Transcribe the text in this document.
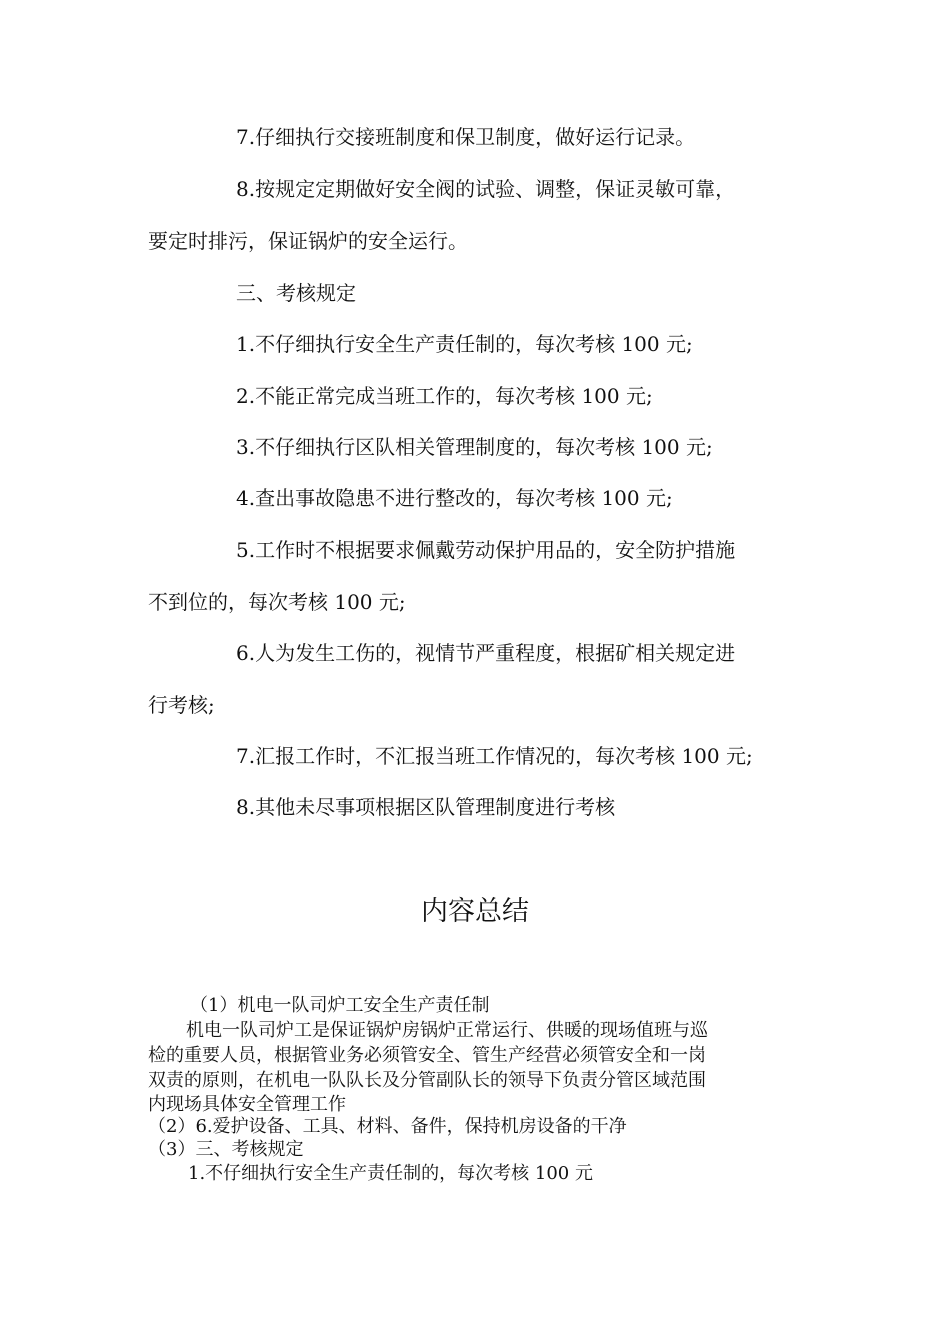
7.仔细执行交接班制度和保卫制度，做好运行记录。

8.按规定定期做好安全阀的试验、调整，保证灵敏可靠，

要定时排污，保证锅炉的安全运行。

三、考核规定

1.不仔细执行安全生产责任制的，每次考核 100 元;

2.不能正常完成当班工作的，每次考核 100 元;

3.不仔细执行区队相关管理制度的，每次考核 100 元;

4.查出事故隐患不进行整改的，每次考核 100 元;

5.工作时不根据要求佩戴劳动保护用品的，安全防护措施

不到位的，每次考核 100 元;

6.人为发生工伤的，视情节严重程度，根据矿相关规定进

行考核;

7.汇报工作时，不汇报当班工作情况的，每次考核 100 元;

8.其他未尽事项根据区队管理制度进行考核

内容总结

（1）机电一队司炉工安全生产责任制

机电一队司炉工是保证锅炉房锅炉正常运行、供暖的现场值班与巡

检的重要人员，根据管业务必须管安全、管生产经营必须管安全和一岗

双责的原则，在机电一队队长及分管副队长的领导下负责分管区域范围

内现场具体安全管理工作

（2）6.爱护设备、工具、材料、备件，保持机房设备的干净

（3）三、考核规定

1.不仔细执行安全生产责任制的，每次考核 100 元
